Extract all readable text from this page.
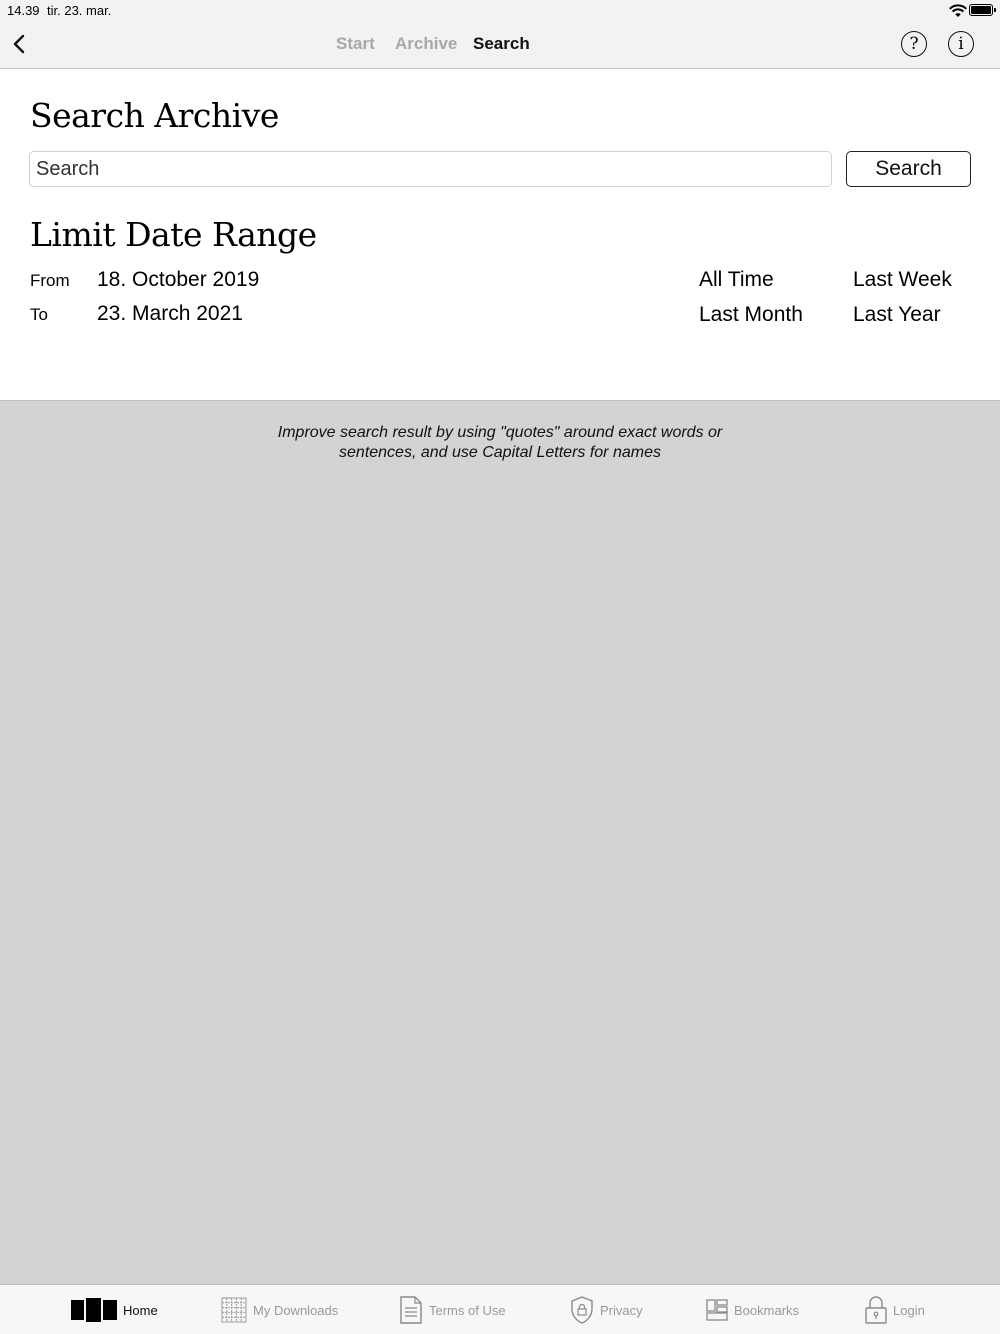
14.39 tir. 23. mar.
Start Archive Search	? i
Search Archive
Search
Search
Limit Date Range
From 18. October 2019
To 23. March 2021
All Time	Last Week
Last Month Last Year
Improve search result by using "quotes" around exact words or
sentences, and use Capital Letters for names
Home	My Downloads	Terms of Use	Privacy	Bookmarks	Login
